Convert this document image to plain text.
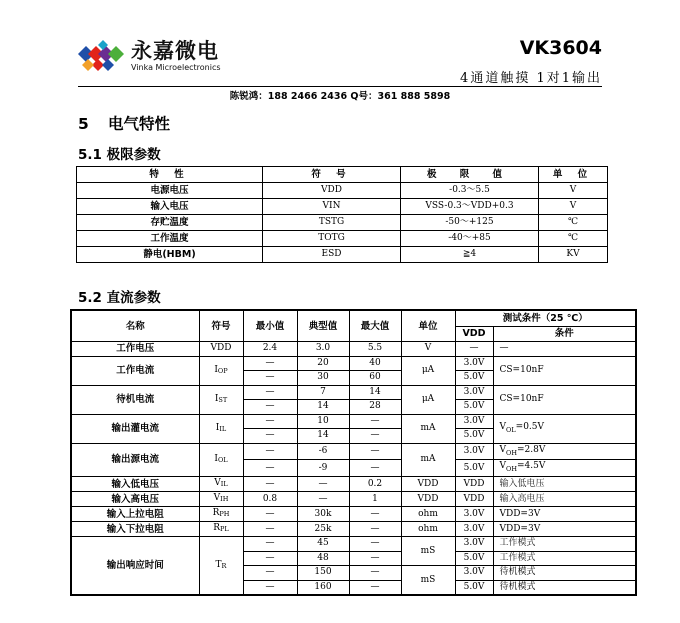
永嘉微电
Vinka Microelectronics
VK3604
4通道触摸 1对1输出
陈锐鸿：188 2466 2436 Q号：361 888 5898
5 电气特性
5.1 极限参数
特 性	符 号	极 限 值	单 位
电源电压	VDD	-0.3～5.5	V
输入电压	VIN	VSS-0.3～VDD+0.3	V
存贮温度	TSTG	-50～+125	℃
工作温度	TOTG	-40～+85	℃
静电(HBM)	ESD	≧4	KV
5.2 直流参数
名称	符号	最小值	典型值	最大值	单位	测试条件（25 ℃）	
						VDD	条件
工作电压	VDD	2.4	3.0	5.5	V	—	—
工作电流	$I_{OP}$	—	20	40	μA	3.0V	CS=10nF
		—	30	60		5.0V	
待机电流	$I_{ST}$	—	7	14	μA	3.0V	CS=10nF
		—	14	28		5.0V	
输出灌电流	$I_{IL}$	—	10	—	mA	3.0V	$V_{OL}=0.5V$
		—	14	—		5.0V	
输出源电流	$I_{OL}$	—	-6	—	mA	3.0V	$V_{OH}=2.8V$
		—	-9	—		5.0V	$V_{OH}=4.5V$
输入低电压	$V_{IL}$	—	—	0.2	VDD	VDD	输入低电压
输入高电压	$V_{IH}$	0.8	—	1	VDD	VDD	输入高电压
输入上拉电阻	$R_{PH}$	—	30k	—	ohm	3.0V	VDD=3V
输入下拉电阻	$R_{PL}$	—	25k	—	ohm	3.0V	VDD=3V
输出响应时间	$T_R$	—	45	—	mS	3.0V	工作模式
		—	48	—		5.0V	工作模式
		—	150	—	mS	3.0V	待机模式
		—	160	—		5.0V	待机模式
